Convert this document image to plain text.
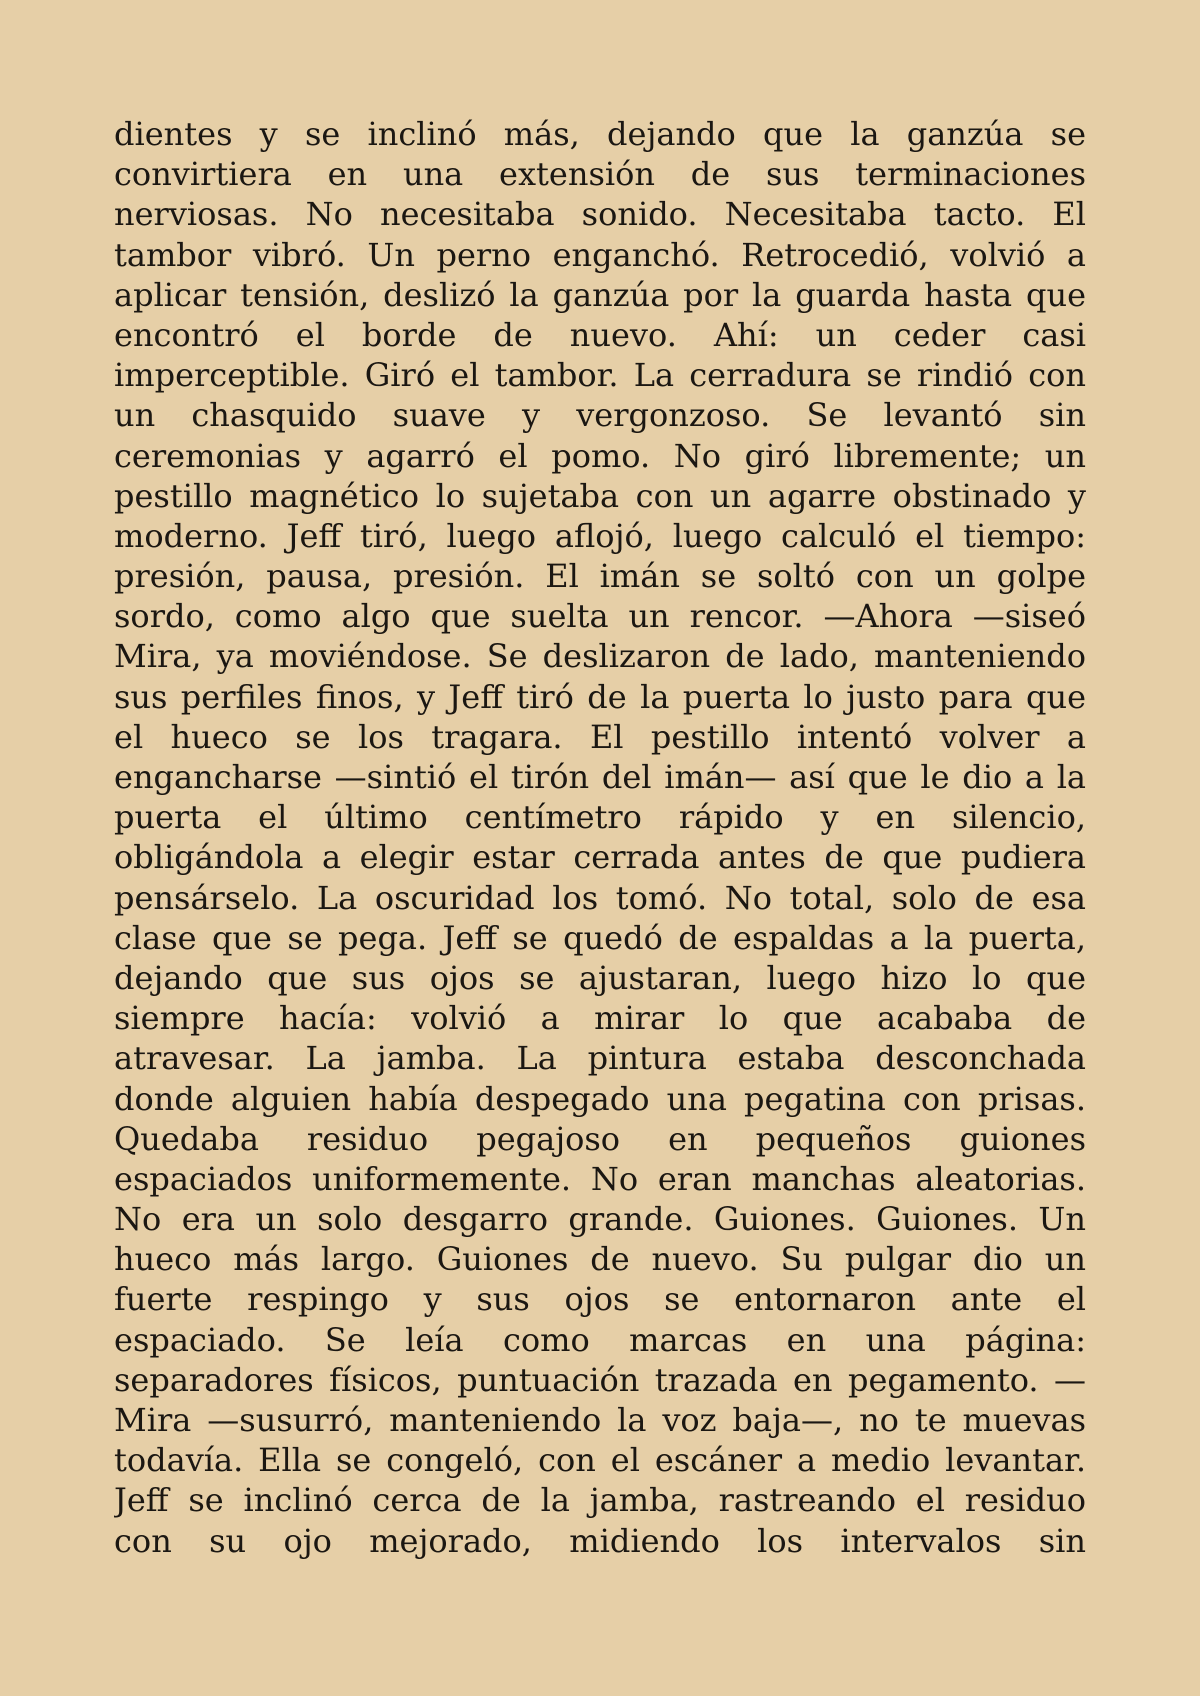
dientes y se inclinó más, dejando que la ganzúa se
convirtiera en una extensión de sus terminaciones
nerviosas. No necesitaba sonido. Necesitaba tacto. El
tambor vibró. Un perno enganchó. Retrocedió, volvió a
aplicar tensión, deslizó la ganzúa por la guarda hasta que
encontró el borde de nuevo. Ahí: un ceder casi
imperceptible. Giró el tambor. La cerradura se rindió con
un chasquido suave y vergonzoso. Se levantó sin
ceremonias y agarró el pomo. No giró libremente; un
pestillo magnético lo sujetaba con un agarre obstinado y
moderno. Jeff tiró, luego aflojó, luego calculó el tiempo:
presión, pausa, presión. El imán se soltó con un golpe
sordo, como algo que suelta un rencor. —Ahora —siseó
Mira, ya moviéndose. Se deslizaron de lado, manteniendo
sus perfiles finos, y Jeff tiró de la puerta lo justo para que
el hueco se los tragara. El pestillo intentó volver a
engancharse —sintió el tirón del imán— así que le dio a la
puerta el último centímetro rápido y en silencio,
obligándola a elegir estar cerrada antes de que pudiera
pensárselo. La oscuridad los tomó. No total, solo de esa
clase que se pega. Jeff se quedó de espaldas a la puerta,
dejando que sus ojos se ajustaran, luego hizo lo que
siempre hacía: volvió a mirar lo que acababa de
atravesar. La jamba. La pintura estaba desconchada
donde alguien había despegado una pegatina con prisas.
Quedaba residuo pegajoso en pequeños guiones
espaciados uniformemente. No eran manchas aleatorias.
No era un solo desgarro grande. Guiones. Guiones. Un
hueco más largo. Guiones de nuevo. Su pulgar dio un
fuerte respingo y sus ojos se entornaron ante el
espaciado. Se leía como marcas en una página:
separadores físicos, puntuación trazada en pegamento. —
Mira —susurró, manteniendo la voz baja—, no te muevas
todavía. Ella se congeló, con el escáner a medio levantar.
Jeff se inclinó cerca de la jamba, rastreando el residuo
con su ojo mejorado, midiendo los intervalos sin
